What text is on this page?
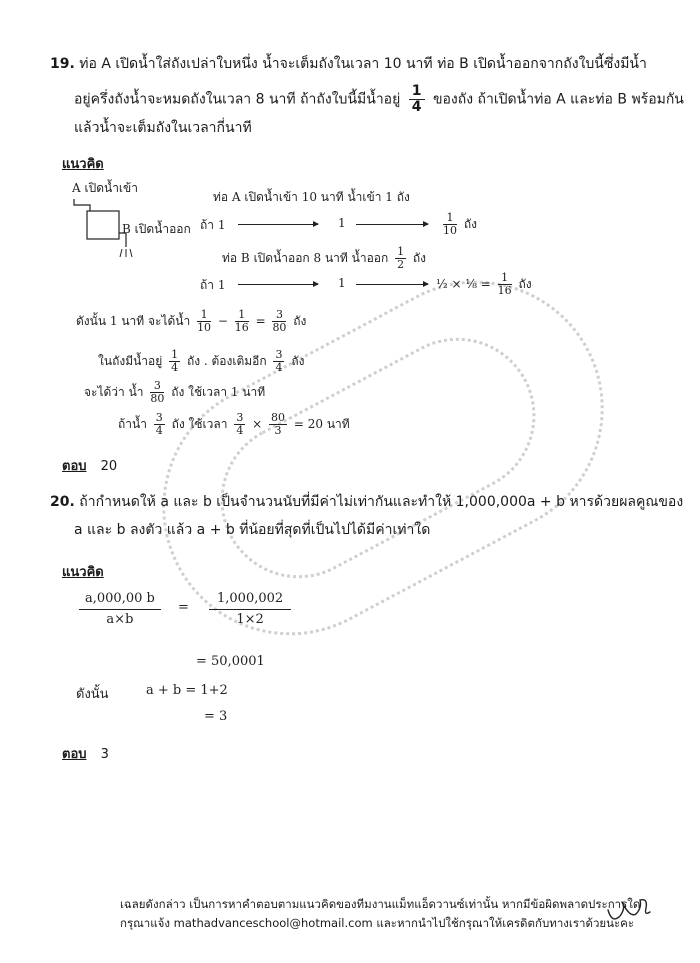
19. ท่อ A เปิดน้ำใส่ถังเปล่าใบหนึ่ง น้ำจะเต็มถังในเวลา 10 นาที ท่อ B เปิดน้ำออกจากถังใบนี้ซึ่งมีน้ำ
อยู่ครึ่งถังน้ำจะหมดถังในเวลา 8 นาที ถ้าถังใบนี้มีน้ำอยู่ $\frac{1}{4}$ ของถัง ถ้าเปิดน้ำท่อ A และท่อ B พร้อมกัน
แล้วน้ำจะเต็มถังในเวลากี่นาที
แนวคิด
A เปิดน้ำเข้า
B เปิดน้ำออก
ท่อ A เปิดน้ำเข้า 10 นาที น้ำเข้า 1 ถัง
ถ้า 1	1	$\frac{1}{10}$ ถัง
ท่อ B เปิดน้ำออก 8 นาที น้ำออก $\frac{1}{2}$ ถัง
ถ้า 1	1	½ × ⅛ = $\frac{1}{16}$ ถัง
ดังนั้น 1 นาที จะได้น้ำ $\frac{1}{10} - \frac{1}{16} = \frac{3}{80}$ ถัง
ในถังมีน้ำอยู่ $\frac{1}{4}$ ถัง . ต้องเติมอีก $\frac{3}{4}$ ถัง
จะได้ว่า น้ำ $\frac{3}{80}$ ถัง ใช้เวลา 1 นาที
ถ้าน้ำ $\frac{3}{4}$ ถัง ใช้เวลา $\frac{3}{4} \times \frac{80}{3} = 20$ นาที
ตอบ 20
20. ถ้ากำหนดให้ a และ b เป็นจำนวนนับที่มีค่าไม่เท่ากันและทำให้ 1,000,000a + b หารด้วยผลคูณของ
a และ b ลงตัว แล้ว a + b ที่น้อยที่สุดที่เป็นไปได้มีค่าเท่าใด
แนวคิด
$\frac{a,000,00 b}{a\times b} = \frac{1,000,002}{1\times 2}$
= 50,0001
ดังนั้น	a + b = 1+2
= 3
ตอบ 3
เฉลยดังกล่าว เป็นการหาคำตอบตามแนวคิดของทีมงานแม็ทแอ็ดวานซ์เท่านั้น หากมีข้อผิดพลาดประการใด
กรุณาแจ้ง mathadvanceschool@hotmail.com และหากนำไปใช้กรุณาให้เครดิตกับทางเราด้วยนะคะ
